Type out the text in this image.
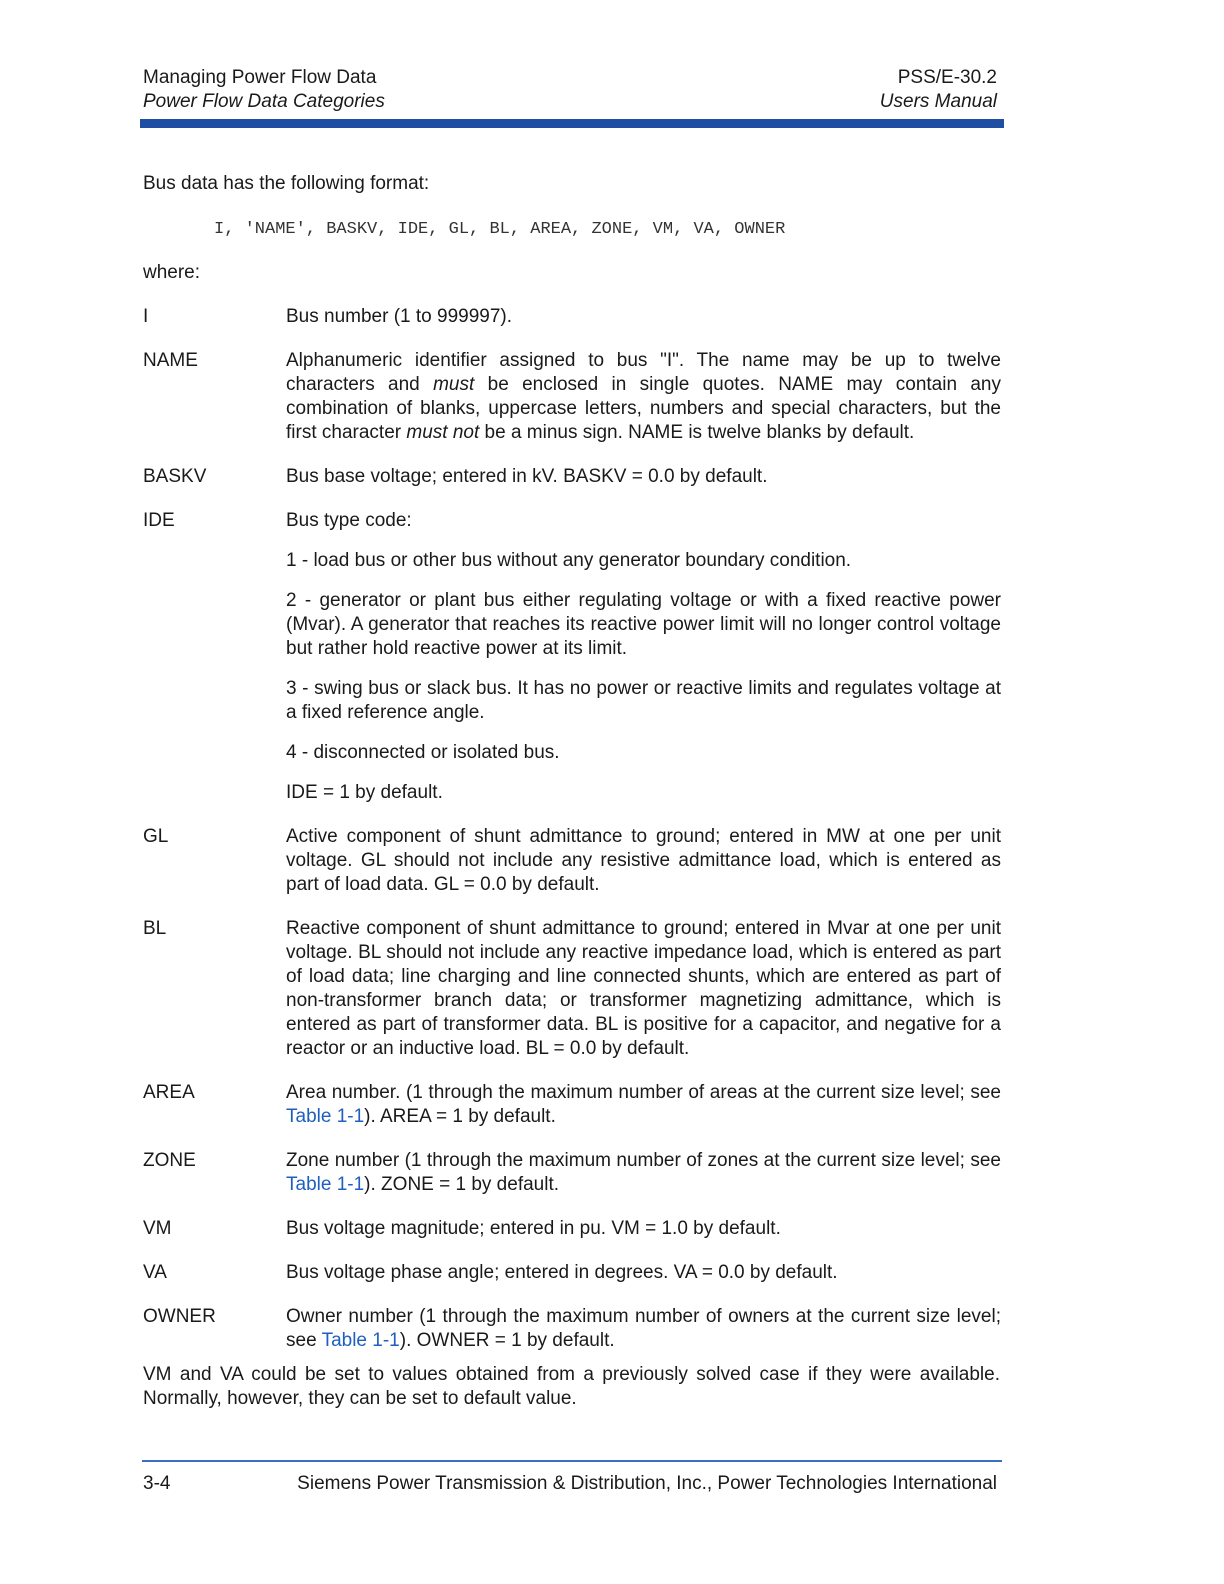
Managing Power Flow Data
Power Flow Data Categories
PSS/E-30.2
Users Manual
Bus data has the following format:
I, 'NAME', BASKV, IDE, GL, BL, AREA, ZONE, VM, VA, OWNER
where:
I	Bus number (1 to 999997).
NAME	Alphanumeric identifier assigned to bus "I". The name may be up to twelve characters and must be enclosed in single quotes. NAME may contain any combination of blanks, uppercase letters, numbers and special characters, but the first character must not be a minus sign. NAME is twelve blanks by default.
BASKV	Bus base voltage; entered in kV. BASKV = 0.0 by default.
IDE	Bus type code:

1 - load bus or other bus without any generator boundary condition.

2 - generator or plant bus either regulating voltage or with a fixed reactive power (Mvar). A generator that reaches its reactive power limit will no longer control voltage but rather hold reactive power at its limit.

3 - swing bus or slack bus. It has no power or reactive limits and regulates voltage at a fixed reference angle.

4 - disconnected or isolated bus.

IDE = 1 by default.

GL	Active component of shunt admittance to ground; entered in MW at one per unit voltage. GL should not include any resistive admittance load, which is entered as part of load data. GL = 0.0 by default.
BL	Reactive component of shunt admittance to ground; entered in Mvar at one per unit voltage. BL should not include any reactive impedance load, which is entered as part of load data; line charging and line connected shunts, which are entered as part of non-transformer branch data; or transformer magnetizing admittance, which is entered as part of transformer data. BL is positive for a capacitor, and negative for a reactor or an inductive load. BL = 0.0 by default.
AREA	Area number. (1 through the maximum number of areas at the current size level; see Table 1-1). AREA = 1 by default.
ZONE	Zone number (1 through the maximum number of zones at the current size level; see Table 1-1). ZONE = 1 by default.
VM	Bus voltage magnitude; entered in pu. VM = 1.0 by default.
VA	Bus voltage phase angle; entered in degrees. VA = 0.0 by default.
OWNER	Owner number (1 through the maximum number of owners at the current size level; see Table 1-1). OWNER = 1 by default.
VM and VA could be set to values obtained from a previously solved case if they were available. Normally, however, they can be set to default value.
3-4	Siemens Power Transmission & Distribution, Inc., Power Technologies International
